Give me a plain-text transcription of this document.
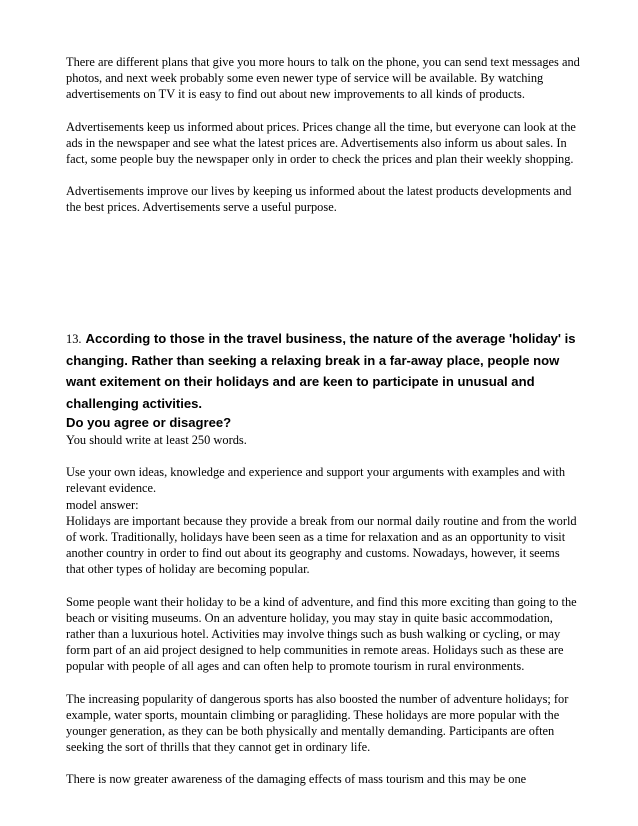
There are different plans that give you more hours to talk on the phone, you can send text messages and photos, and next week probably some even newer type of service will be available. By watching advertisements on TV it is easy to find out about new improvements to all kinds of products.

Advertisements keep us informed about prices. Prices change all the time, but everyone can look at the ads in the newspaper and see what the latest prices are. Advertisements also inform us about sales. In fact, some people buy the newspaper only in order to check the prices and plan their weekly shopping.

Advertisements improve our lives by keeping us informed about the latest products developments and the best prices. Advertisements serve a useful purpose.

13. According to those in the travel business, the nature of the average 'holiday' is changing. Rather than seeking a relaxing break in a far-away place, people now want exitement on their holidays and are keen to participate in unusual and challenging activities.

Do you agree or disagree?

You should write at least 250 words.

Use your own ideas, knowledge and experience and support your arguments with examples and with relevant evidence.

model answer:

Holidays are important because they provide a break from our normal daily routine and from the world of work. Traditionally, holidays have been seen as a time for relaxation and as an opportunity to visit another country in order to find out about its geography and customs. Nowadays, however, it seems that other types of holiday are becoming popular.

Some people want their holiday to be a kind of adventure, and find this more exciting than going to the beach or visiting museums. On an adventure holiday, you may stay in quite basic accommodation, rather than a luxurious hotel. Activities may involve things such as bush walking or cycling, or may form part of an aid project designed to help communities in remote areas. Holidays such as these are popular with people of all ages and can often help to promote tourism in rural environments.

The increasing popularity of dangerous sports has also boosted the number of adventure holidays; for example, water sports, mountain climbing or paragliding. These holidays are more popular with the younger generation, as they can be both physically and mentally demanding. Participants are often seeking the sort of thrills that they cannot get in ordinary life.

There is now greater awareness of the damaging effects of mass tourism and this may be one
